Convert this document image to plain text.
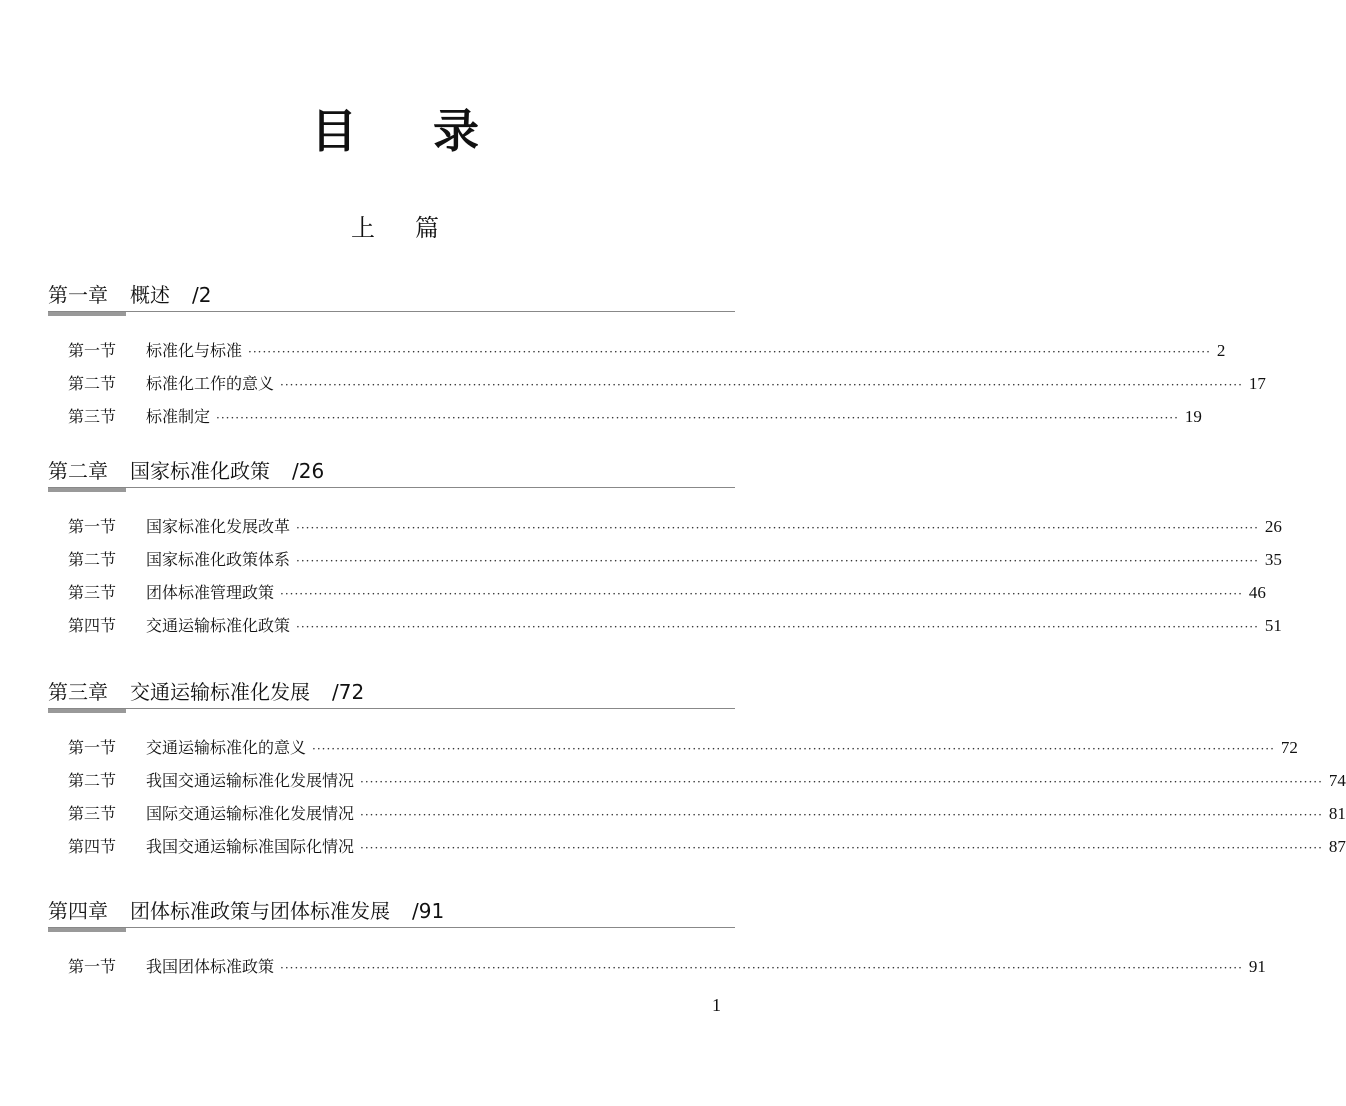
目 录
上 篇
第一章 概述 /2
第一节	标准化与标准 ········································································································································································································ 2
第二节	标准化工作的意义 ········································································································································································································ 17
第三节	标准制定 ········································································································································································································ 19
第二章 国家标准化政策 /26
第一节	国家标准化发展改革 ········································································································································································································ 26
第二节	国家标准化政策体系 ········································································································································································································ 35
第三节	团体标准管理政策 ········································································································································································································ 46
第四节	交通运输标准化政策 ········································································································································································································ 51
第三章 交通运输标准化发展 /72
第一节	交通运输标准化的意义 ········································································································································································································ 72
第二节	我国交通运输标准化发展情况 ········································································································································································································ 74
第三节	国际交通运输标准化发展情况 ········································································································································································································ 81
第四节	我国交通运输标准国际化情况 ········································································································································································································ 87
第四章 团体标准政策与团体标准发展 /91
第一节	我国团体标准政策 ········································································································································································································ 91
1
